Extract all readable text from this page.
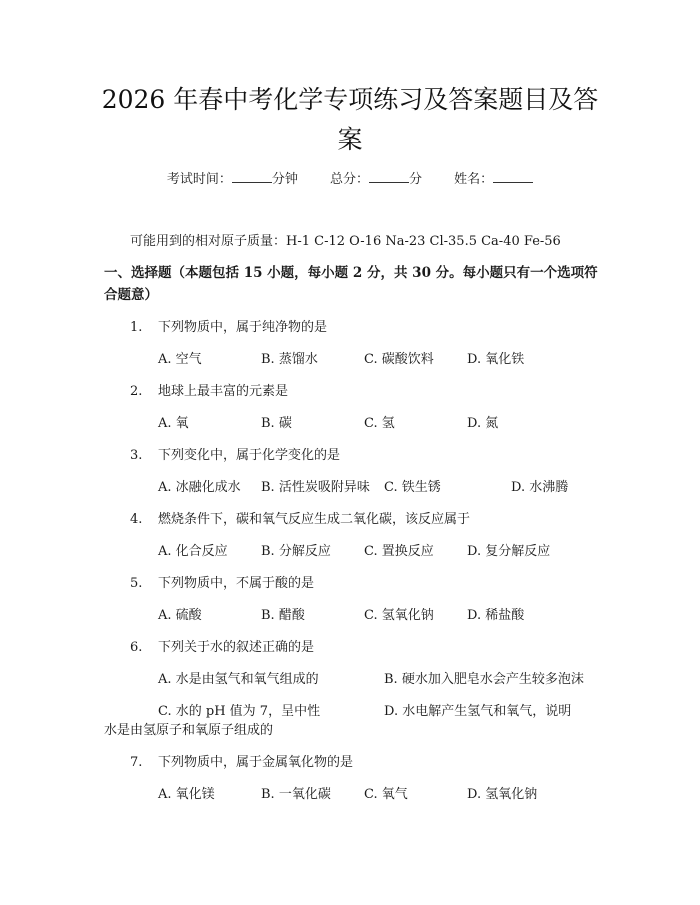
2026 年春中考化学专项练习及答案题目及答
案
考试时间：	分钟 总分：	分 姓名：
可能用到的相对原子质量：H-1 C-12 O-16 Na-23 Cl-35.5 Ca-40 Fe-56
一、选择题（本题包括 15 小题，每小题 2 分，共 30 分。每小题只有一个选项符合题意）
1. 下列物质中，属于纯净物的是
A. 空气	B. 蒸馏水	C. 碳酸饮料	D. 氧化铁
2. 地球上最丰富的元素是
A. 氧	B. 碳	C. 氢	D. 氮
3. 下列变化中，属于化学变化的是
A. 冰融化成水 B. 活性炭吸附异味 C. 铁生锈	D. 水沸腾
4. 燃烧条件下，碳和氧气反应生成二氧化碳，该反应属于
A. 化合反应	B. 分解反应	C. 置换反应	D. 复分解反应
5. 下列物质中，不属于酸的是
A. 硫酸	B. 醋酸	C. 氢氧化钠	D. 稀盐酸
6. 下列关于水的叙述正确的是
A. 水是由氢气和氧气组成的	B. 硬水加入肥皂水会产生较多泡沫
C. 水的 pH 值为 7，呈中性	D. 水电解产生氢气和氧气，说明
水是由氢原子和氧原子组成的
7. 下列物质中，属于金属氧化物的是
A. 氧化镁	B. 一氧化碳	C. 氧气	D. 氢氧化钠
